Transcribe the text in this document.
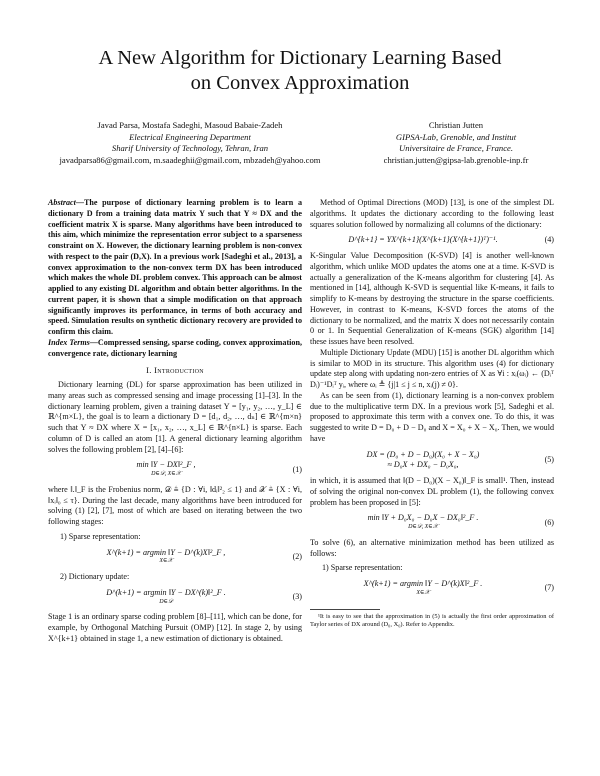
A New Algorithm for Dictionary Learning Based
on Convex Approximation
Javad Parsa, Mostafa Sadeghi, Masoud Babaie-Zadeh
Electrical Engineering Department
Sharif University of Technology, Tehran, Iran
javadparsa86@gmail.com, m.saadeghii@gmail.com, mbzadeh@yahoo.com
Christian Jutten
GIPSA-Lab, Grenoble, and Institut
Universitaire de France, France.
christian.jutten@gipsa-lab.grenoble-inp.fr

Abstract—The purpose of dictionary learning problem is to learn a dictionary D from a training data matrix Y such that Y ≈ DX and the coefficient matrix X is sparse. Many algorithms have been introduced to this aim, which minimize the representation error subject to a sparseness constraint on X. However, the dictionary learning problem is non-convex with respect to the pair (D,X). In a previous work [Sadeghi et al., 2013], a convex approximation to the non-convex term DX has been introduced which makes the whole DL problem convex. This approach can be almost applied to any existing DL algorithm and obtain better algorithms. In the current paper, it is shown that a simple modification on that approach significantly improves its performance, in terms of both accuracy and speed. Simulation results on synthetic dictionary recovery are provided to confirm this claim.

Index Terms—Compressed sensing, sparse coding, convex approximation, convergence rate, dictionary learning

I. Introduction

Dictionary learning (DL) for sparse approximation has been utilized in many areas such as compressed sensing and image processing [1]–[3]. In the dictionary learning problem, given a training dataset Y = [y₁, y₂, …, y_L] ∈ ℝ^{m×L}, the goal is to learn a dictionary D = [d₁, d₂, …, dₙ] ∈ ℝ^{m×n} such that Y ≈ DX where X = [x₁, x₂, …, x_L] ∈ ℝ^{n×L} is sparse. Each column of D is called an atom [1]. A general dictionary learning algorithm solves the following problem [2], [4]–[6]:

min ‖Y − DX‖²_F ,
D∈𝒟, X∈𝒳
(1)

where ‖.‖_F is the Frobenius norm, 𝒟 ≜ {D : ∀i, ‖dᵢ‖²₂ ≤ 1} and 𝒳 ≜ {X : ∀i, ‖xᵢ‖₀ ≤ τ}. During the last decade, many algorithms have been introduced for solving (1) [2], [7], most of which are based on iterating between the two following stages:

1) Sparse representation:
X^(k+1) = argmin ‖Y − D^(k)X‖²_F ,
X∈𝒳
(2)
2) Dictionary update:
D^(k+1) = argmin ‖Y − DX^(k)‖²_F .
D∈𝒟
(3)

Stage 1 is an ordinary sparse coding problem [8]–[11], which can be done, for example, by Orthogonal Matching Pursuit (OMP) [12]. In stage 2, by using X^{k+1} obtained in stage 1, a new estimation of dictionary is obtained.

Method of Optimal Directions (MOD) [13], is one of the simplest DL algorithms. It updates the dictionary according to the following least squares solution followed by normalizing all columns of the dictionary:

D^{k+1} = YX^{k+1}(X^{k+1}(X^{k+1})ᵀ)⁻¹.	(4)

K-Singular Value Decomposition (K-SVD) [4] is another well-known algorithm, which unlike MOD updates the atoms one at a time. K-SVD is actually a generalization of the K-means algorithm for clustering [4]. As mentioned in [14], although K-SVD is sequential like K-means, it fails to simplify to K-means by destroying the structure in the sparse coefficients. However, in contrast to K-means, K-SVD forces the atoms of the dictionary to be normalized, and the matrix X does not necessarily contain 0 or 1. In Sequential Generalization of K-means (SGK) algorithm [14] these issues have been resolved.

Multiple Dictionary Update (MDU) [15] is another DL algorithm which is similar to MOD in its structure. This algorithm uses (4) for dictionary update step along with updating non-zero entries of X as ∀i : xᵢ(ωᵢ) ← (Dᵢᵀ Dᵢ)⁻¹Dᵢᵀ yᵢ, where ωᵢ ≜ {j|1 ≤ j ≤ n, xᵢ(j) ≠ 0}.

As can be seen from (1), dictionary learning is a non-convex problem due to the multiplicative term DX. In a previous work [5], Sadeghi et al. proposed to approximate this term with a convex one. To do this, it was suggested to write D = D₀ + D − D₀ and X = X₀ + X − X₀. Then, we would have

DX = (D₀ + D − D₀)(X₀ + X − X₀)
≈ D₀X + DX₀ − D₀X₀,
(5)

in which, it is assumed that ‖(D − D₀)(X − X₀)‖_F is small¹. Then, instead of solving the original non-convex DL problem (1), the following convex problem has been proposed in [5]:

min ‖Y + D₀X₀ − D₀X − DX₀‖²_F .
D∈𝒟, X∈𝒳
(6)

To solve (6), an alternative minimization method has been utilized as follows:

1) Sparse representation:
X^(k+1) = argmin ‖Y − D^(k)X‖²_F .
X∈𝒳
(7)

¹It is easy to see that the approximation in (5) is actually the first order approximation of Taylor series of DX around (D₀, X₀). Refer to Appendix.
